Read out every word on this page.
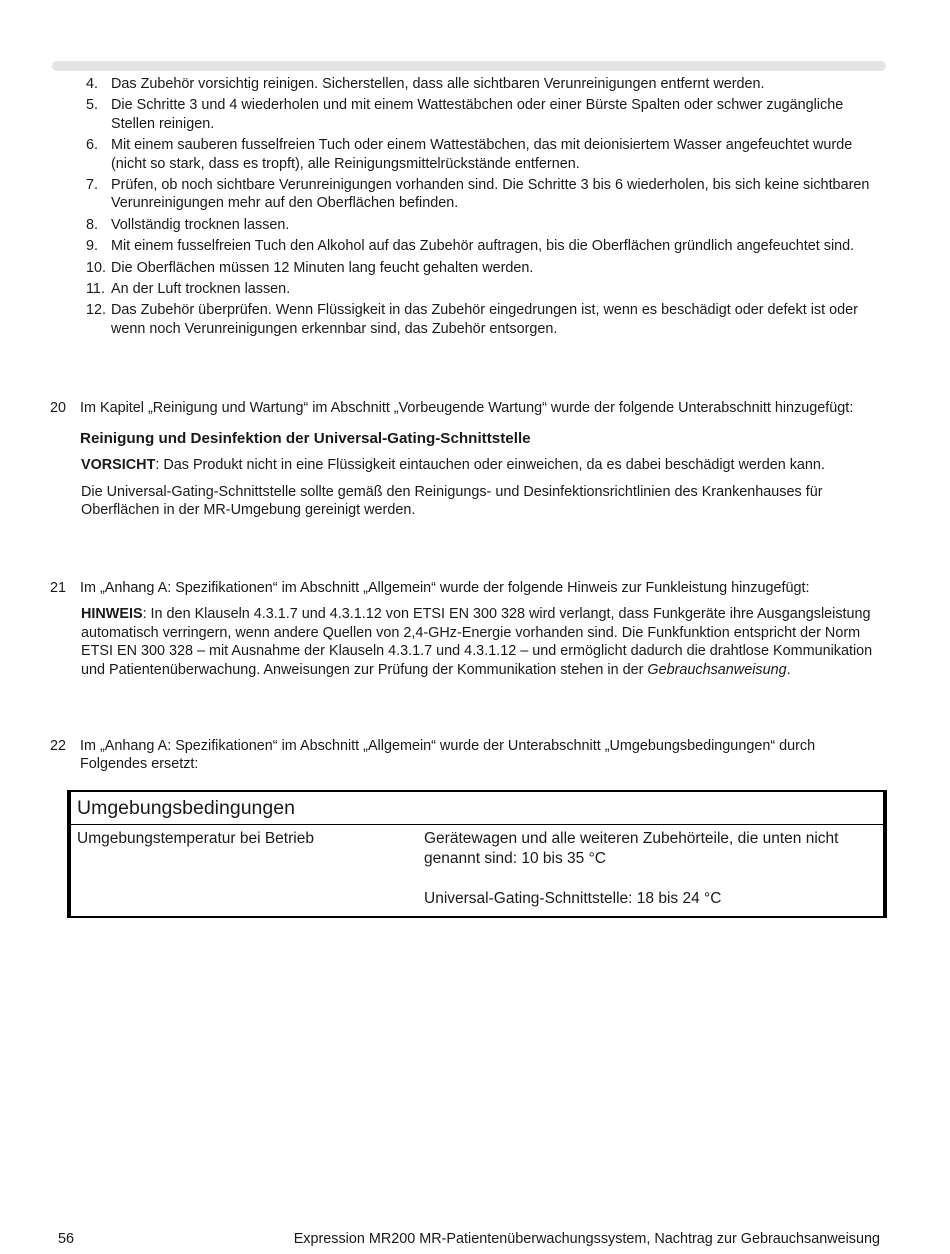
4. Das Zubehör vorsichtig reinigen. Sicherstellen, dass alle sichtbaren Verunreinigungen entfernt werden.
5. Die Schritte 3 und 4 wiederholen und mit einem Wattestäbchen oder einer Bürste Spalten oder schwer zugängliche Stellen reinigen.
6. Mit einem sauberen fusselfreien Tuch oder einem Wattestäbchen, das mit deionisiertem Wasser angefeuchtet wurde (nicht so stark, dass es tropft), alle Reinigungsmittelrückstände entfernen.
7. Prüfen, ob noch sichtbare Verunreinigungen vorhanden sind. Die Schritte 3 bis 6 wiederholen, bis sich keine sichtbaren Verunreinigungen mehr auf den Oberflächen befinden.
8. Vollständig trocknen lassen.
9. Mit einem fusselfreien Tuch den Alkohol auf das Zubehör auftragen, bis die Oberflächen gründlich angefeuchtet sind.
10. Die Oberflächen müssen 12 Minuten lang feucht gehalten werden.
11. An der Luft trocknen lassen.
12. Das Zubehör überprüfen. Wenn Flüssigkeit in das Zubehör eingedrungen ist, wenn es beschädigt oder defekt ist oder wenn noch Verunreinigungen erkennbar sind, das Zubehör entsorgen.
20 Im Kapitel „Reinigung und Wartung“ im Abschnitt „Vorbeugende Wartung“ wurde der folgende Unterabschnitt hinzugefügt:
Reinigung und Desinfektion der Universal-Gating-Schnittstelle

VORSICHT: Das Produkt nicht in eine Flüssigkeit eintauchen oder einweichen, da es dabei beschädigt werden kann.

Die Universal-Gating-Schnittstelle sollte gemäß den Reinigungs- und Desinfektionsrichtlinien des Krankenhauses für Oberflächen in der MR-Umgebung gereinigt werden.

21 Im „Anhang A: Spezifikationen“ im Abschnitt „Allgemein“ wurde der folgende Hinweis zur Funkleistung hinzugefügt:

HINWEIS: In den Klauseln 4.3.1.7 und 4.3.1.12 von ETSI EN 300 328 wird verlangt, dass Funkgeräte ihre Ausgangsleistung automatisch verringern, wenn andere Quellen von 2,4-GHz-Energie vorhanden sind. Die Funkfunktion entspricht der Norm ETSI EN 300 328 – mit Ausnahme der Klauseln 4.3.1.7 und 4.3.1.12 – und ermöglicht dadurch die drahtlose Kommunikation und Patientenüberwachung. Anweisungen zur Prüfung der Kommunikation stehen in der Gebrauchsanweisung.

22 Im „Anhang A: Spezifikationen“ im Abschnitt „Allgemein“ wurde der Unterabschnitt „Umgebungsbedingungen“ durch Folgendes ersetzt:
Umgebungsbedingungen
Umgebungstemperatur bei Betrieb	Gerätewagen und alle weiteren Zubehörteile, die unten nicht genannt sind: 10 bis 35 °C
Universal-Gating-Schnittstelle: 18 bis 24 °C
56	Expression MR200 MR-Patientenüberwachungssystem, Nachtrag zur Gebrauchsanweisung
